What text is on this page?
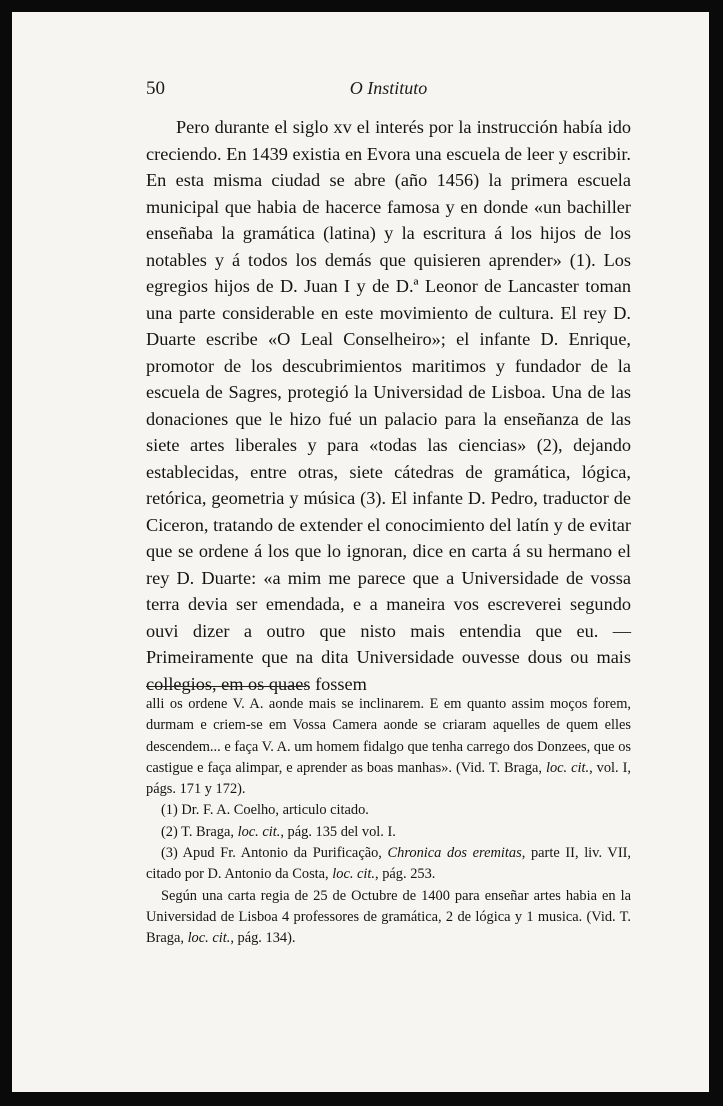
50	O Instituto

Pero durante el siglo xv el interés por la instrucción había ido creciendo. En 1439 existia en Evora una escuela de leer y escribir. En esta misma ciudad se abre (año 1456) la primera escuela municipal que habia de hacerce famosa y en donde «un bachiller enseñaba la gramática (latina) y la escritura á los hijos de los notables y á todos los demás que quisieren aprender» (1). Los egregios hijos de D. Juan I y de D.ª Leonor de Lancaster toman una parte considerable en este movimiento de cultura. El rey D. Duarte escribe «O Leal Conselheiro»; el infante D. Enrique, promotor de los descubrimientos maritimos y fundador de la escuela de Sagres, protegió la Universidad de Lisboa. Una de las donaciones que le hizo fué un palacio para la enseñanza de las siete artes liberales y para «todas las ciencias» (2), dejando establecidas, entre otras, siete cátedras de gramática, lógica, retórica, geometria y música (3). El infante D. Pedro, traductor de Ciceron, tratando de extender el conocimiento del latín y de evitar que se ordene á los que lo ignoran, dice en carta á su hermano el rey D. Duarte: «a mim me parece que a Universidade de vossa terra devia ser emendada, e a maneira vos escreverei segundo ouvi dizer a outro que nisto mais entendia que eu. — Primeiramente que na dita Universidade ouvesse dous ou mais collegios, em os quaes fossem

alli os ordene V. A. aonde mais se inclinarem. E em quanto assim moços forem, durmam e criem-se em Vossa Camera aonde se criaram aquelles de quem elles descendem... e faça V. A. um homem fidalgo que tenha carrego dos Donzees, que os castigue e faça alimpar, e aprender as boas manhas». (Vid. T. Braga, loc. cit., vol. I, págs. 171 y 172).

(1) Dr. F. A. Coelho, articulo citado.

(2) T. Braga, loc. cit., pág. 135 del vol. I.

(3) Apud Fr. Antonio da Purificação, Chronica dos eremitas, parte II, liv. VII, citado por D. Antonio da Costa, loc. cit., pág. 253.

Según una carta regia de 25 de Octubre de 1400 para enseñar artes habia en la Universidad de Lisboa 4 professores de gramática, 2 de lógica y 1 musica. (Vid. T. Braga, loc. cit., pág. 134).
